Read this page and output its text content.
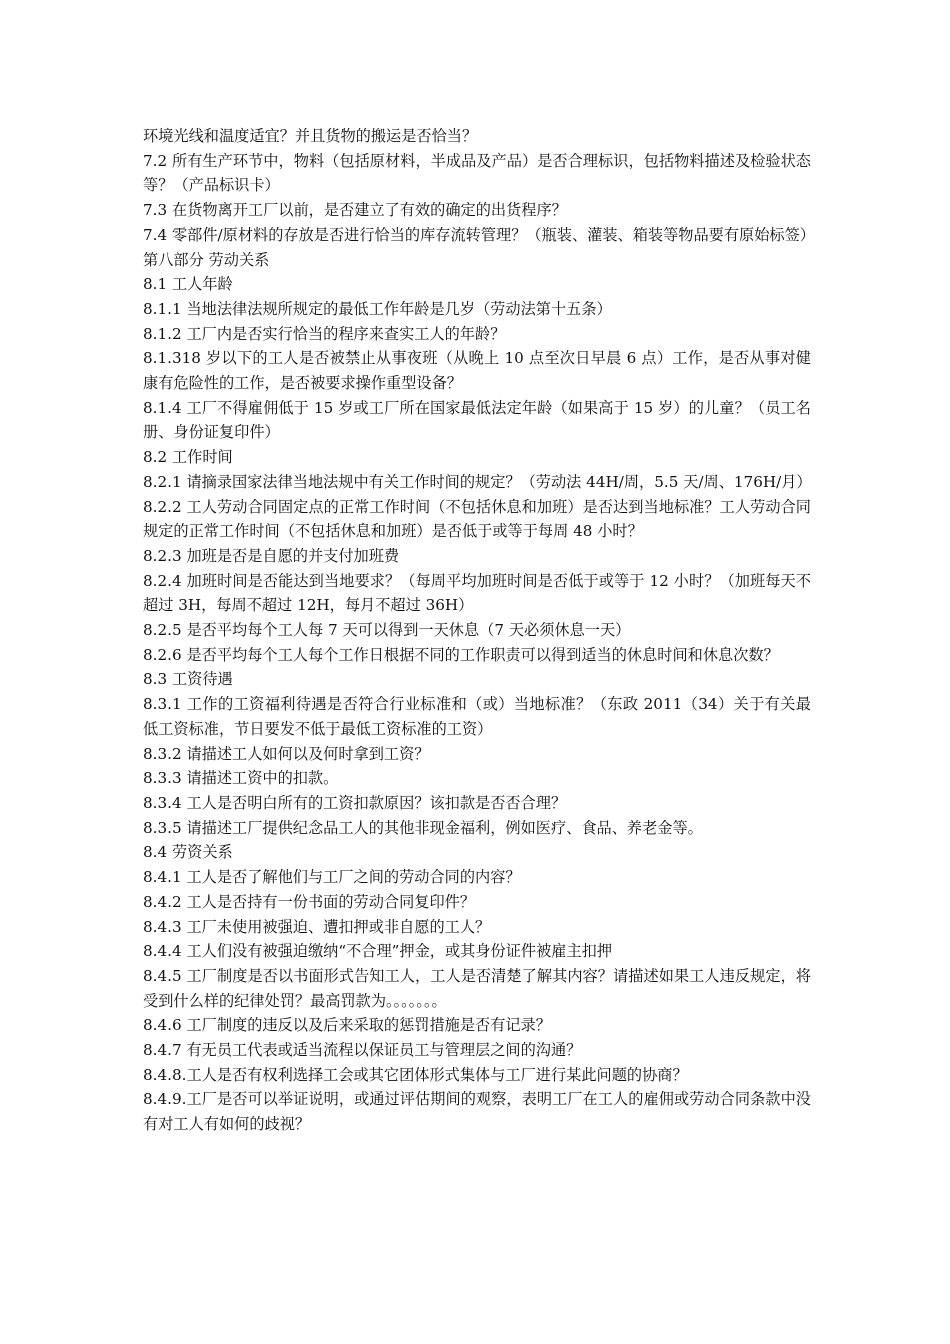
环境光线和温度适宜？并且货物的搬运是否恰当？

7.2 所有生产环节中，物料（包括原材料，半成品及产品）是否合理标识，包括物料描述及检验状态等？（产品标识卡）

7.3 在货物离开工厂以前，是否建立了有效的确定的出货程序？

7.4 零部件/原材料的存放是否进行恰当的库存流转管理？（瓶装、灌装、箱装等物品要有原始标签）

第八部分 劳动关系

8.1 工人年龄

8.1.1 当地法律法规所规定的最低工作年龄是几岁（劳动法第十五条）

8.1.2 工厂内是否实行恰当的程序来查实工人的年龄？

8.1.318 岁以下的工人是否被禁止从事夜班（从晚上 10 点至次日早晨 6 点）工作，是否从事对健康有危险性的工作，是否被要求操作重型设备？

8.1.4 工厂不得雇佣低于 15 岁或工厂所在国家最低法定年龄（如果高于 15 岁）的儿童？（员工名册、身份证复印件）

8.2 工作时间

8.2.1 请摘录国家法律当地法规中有关工作时间的规定？（劳动法 44H/周，5.5 天/周、176H/月）

8.2.2 工人劳动合同固定点的正常工作时间（不包括休息和加班）是否达到当地标准？工人劳动合同规定的正常工作时间（不包括休息和加班）是否低于或等于每周 48 小时？

8.2.3 加班是否是自愿的并支付加班费

8.2.4 加班时间是否能达到当地要求？（每周平均加班时间是否低于或等于 12 小时？（加班每天不超过 3H，每周不超过 12H，每月不超过 36H）

8.2.5 是否平均每个工人每 7 天可以得到一天休息（7 天必须休息一天）

8.2.6 是否平均每个工人每个工作日根据不同的工作职责可以得到适当的休息时间和休息次数？

8.3 工资待遇

8.3.1 工作的工资福利待遇是否符合行业标准和（或）当地标准？（东政 2011（34）关于有关最低工资标准，节日要发不低于最低工资标准的工资）

8.3.2 请描述工人如何以及何时拿到工资？

8.3.3 请描述工资中的扣款。

8.3.4 工人是否明白所有的工资扣款原因？该扣款是否否合理？

8.3.5 请描述工厂提供纪念品工人的其他非现金福利，例如医疗、食品、养老金等。

8.4 劳资关系

8.4.1 工人是否了解他们与工厂之间的劳动合同的内容？

8.4.2 工人是否持有一份书面的劳动合同复印件？

8.4.3 工厂未使用被强迫、遭扣押或非自愿的工人？

8.4.4 工人们没有被强迫缴纳“不合理”押金，或其身份证件被雇主扣押

8.4.5 工厂制度是否以书面形式告知工人，工人是否清楚了解其内容？请描述如果工人违反规定，将受到什么样的纪律处罚？最高罚款为。。。。。。。

8.4.6 工厂制度的违反以及后来采取的惩罚措施是否有记录？

8.4.7 有无员工代表或适当流程以保证员工与管理层之间的沟通？

8.4.8.工人是否有权利选择工会或其它团体形式集体与工厂进行某此问题的协商？

8.4.9.工厂是否可以举证说明，或通过评估期间的观察，表明工厂在工人的雇佣或劳动合同条款中没有对工人有如何的歧视？
